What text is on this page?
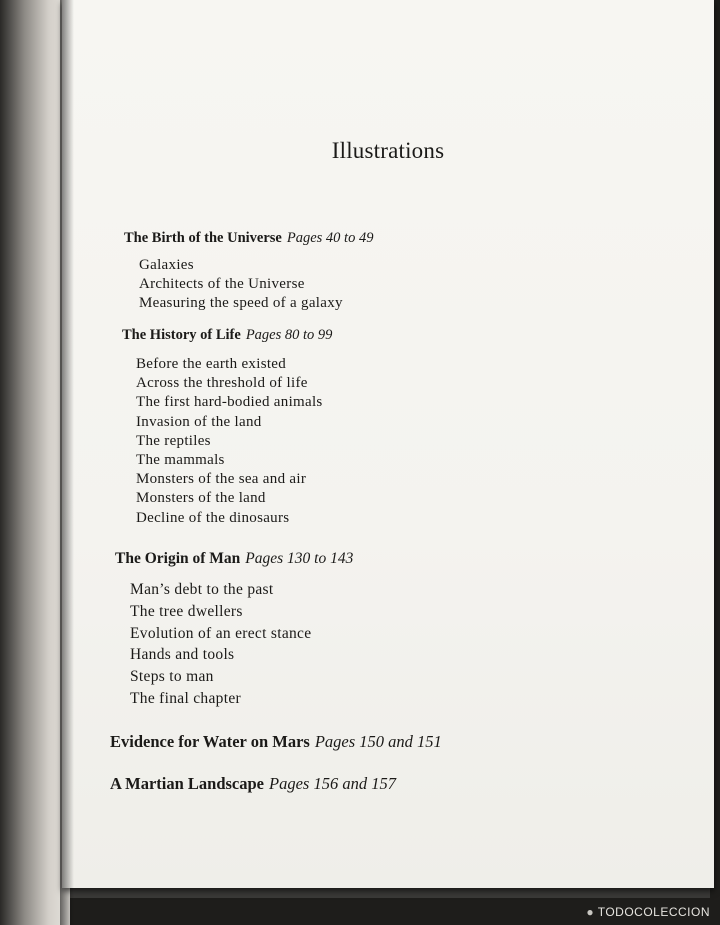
Illustrations
The Birth of the Universe Pages 40 to 49
Galaxies
Architects of the Universe
Measuring the speed of a galaxy
The History of Life Pages 80 to 99
Before the earth existed
Across the threshold of life
The first hard-bodied animals
Invasion of the land
The reptiles
The mammals
Monsters of the sea and air
Monsters of the land
Decline of the dinosaurs
The Origin of Man Pages 130 to 143
Man’s debt to the past
The tree dwellers
Evolution of an erect stance
Hands and tools
Steps to man
The final chapter
Evidence for Water on Mars Pages 150 and 151
A Martian Landscape Pages 156 and 157
● TODOCOLECCION
